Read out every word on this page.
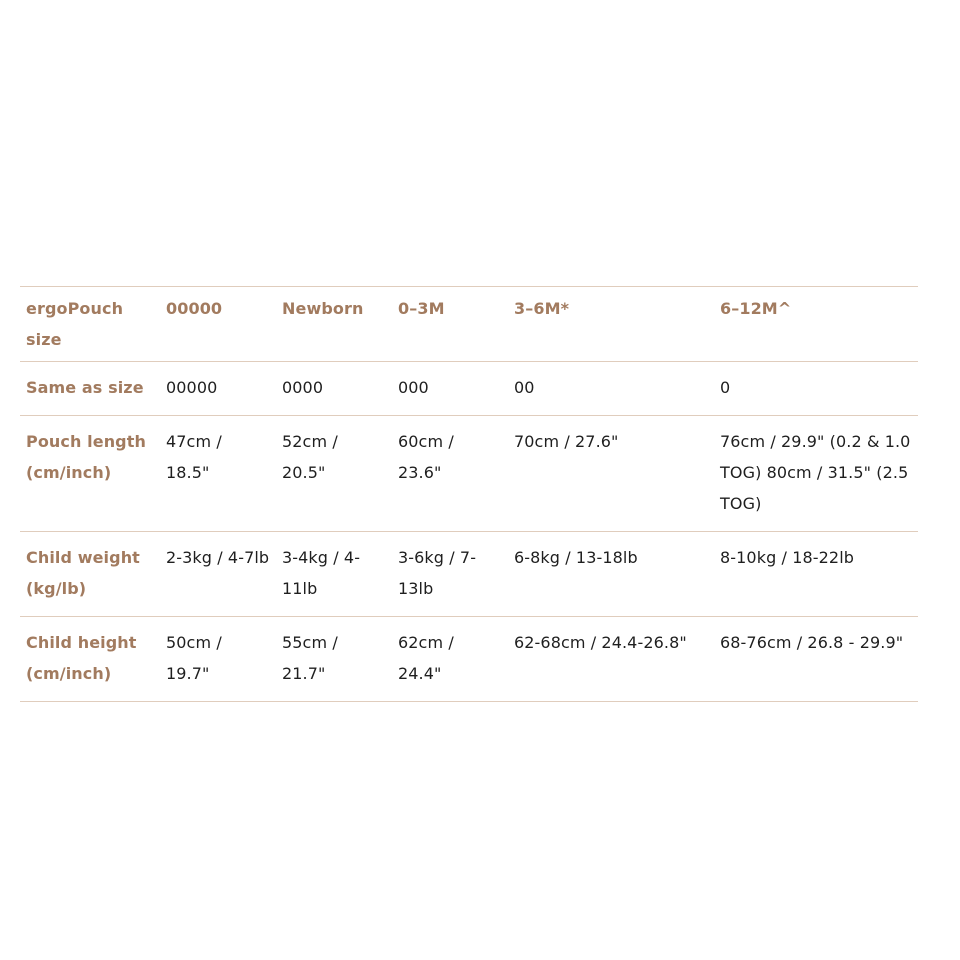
ergoPouch size	00000	Newborn	0–3M	3–6M*	6–12M^
Same as size	00000	0000	000	00	0
Pouch length (cm/inch)	47cm / 18.5"	52cm / 20.5"	60cm / 23.6"	70cm / 27.6"	76cm / 29.9" (0.2 & 1.0 TOG) 80cm / 31.5" (2.5 TOG)
Child weight (kg/lb)	2-3kg / 4-7lb	3-4kg / 4-11lb	3-6kg / 7-13lb	6-8kg / 13-18lb	8-10kg / 18-22lb
Child height (cm/inch)	50cm / 19.7"	55cm / 21.7"	62cm / 24.4"	62-68cm / 24.4-26.8"	68-76cm / 26.8 - 29.9"
